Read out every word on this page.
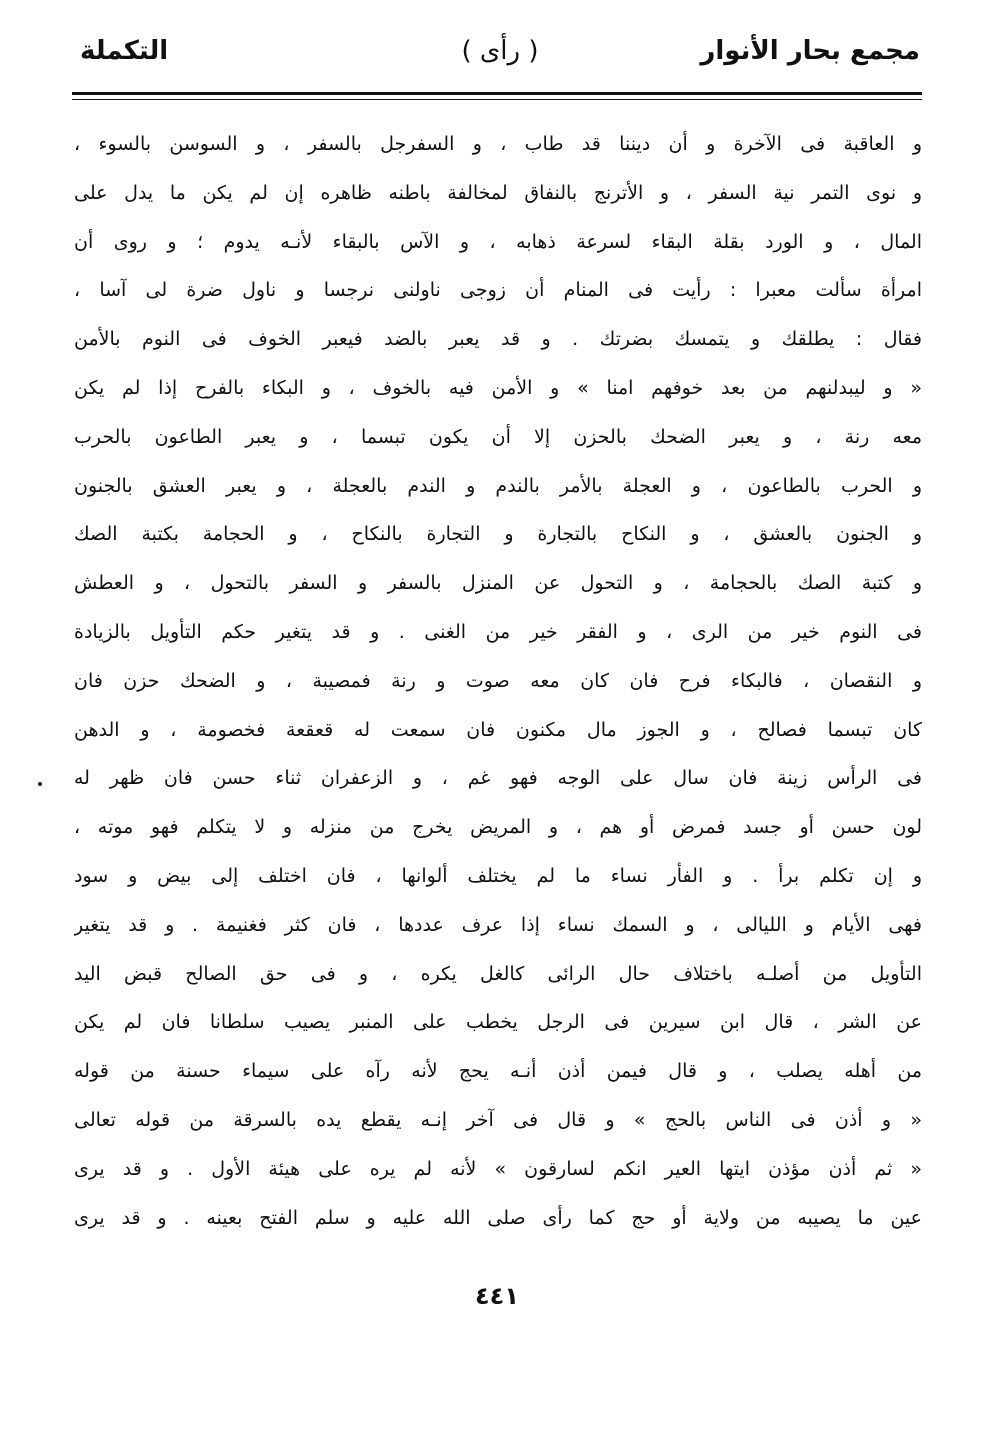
مجمع بحار الأنوار
( رأى )
التكملة
و العاقبة فى الآخرة و أن ديننا قد طاب ، و السفرجل بالسفر ، و السوسن بالسوء ،
و نوى التمر نية السفر ، و الأترنج بالنفاق لمخالفة باطنه ظاهره إن لم يكن ما يدل على
المال ، و الورد بقلة البقاء لسرعة ذهابه ، و الآس بالبقاء لأنـه يدوم ؛ و روى أن
امرأة سألت معبرا : رأيت فى المنام أن زوجى ناولنى نرجسا و ناول ضرة لى آسا ،
فقال : يطلقك و يتمسك بضرتك . و قد يعبر بالضد فيعبر الخوف فى النوم بالأمن
« و ليبدلنهم من بعد خوفهم امنا » و الأمن فيه بالخوف ، و البكاء بالفرح إذا لم يكن
معه رنة ، و يعبر الضحك بالحزن إلا أن يكون تبسما ، و يعبر الطاعون بالحرب
و الحرب بالطاعون ، و العجلة بالأمر بالندم و الندم بالعجلة ، و يعبر العشق بالجنون
و الجنون بالعشق ، و النكاح بالتجارة و التجارة بالنكاح ، و الحجامة بكتبة الصك
و كتبة الصك بالحجامة ، و التحول عن المنزل بالسفر و السفر بالتحول ، و العطش
فى النوم خير من الرى ، و الفقر خير من الغنى . و قد يتغير حكم التأويل بالزيادة
و النقصان ، فالبكاء فرح فان كان معه صوت و رنة فمصيبة ، و الضحك حزن فان
كان تبسما فصالح ، و الجوز مال مكنون فان سمعت له قعقعة فخصومة ، و الدهن
فى الرأس زينة فان سال على الوجه فهو غم ، و الزعفران ثناء حسن فان ظهر له
لون حسن أو جسد فمرض أو هم ، و المريض يخرج من منزله و لا يتكلم فهو موته ،
و إن تكلم برأ . و الفأر نساء ما لم يختلف ألوانها ، فان اختلف إلى بيض و سود
فهى الأيام و الليالى ، و السمك نساء إذا عرف عددها ، فان كثر فغنيمة . و قد يتغير
التأويل من أصلـه باختلاف حال الرائى كالغل يكره ، و فى حق الصالح قبض اليد
عن الشر ، قال ابن سيرين فى الرجل يخطب على المنبر يصيب سلطانا فان لم يكن
من أهله يصلب ، و قال فيمن أذن أنـه يحج لأنه رآه على سيماء حسنة من قوله
« و أذن فى الناس بالحج » و قال فى آخر إنـه يقطع يده بالسرقة من قوله تعالى
« ثم أذن مؤذن ايتها العير انكم لسارقون » لأنه لم يره على هيئة الأول . و قد يرى
عين ما يصيبه من ولاية أو حج كما رأى صلى الله عليه و سلم الفتح بعينه . و قد يرى
٤٤١
